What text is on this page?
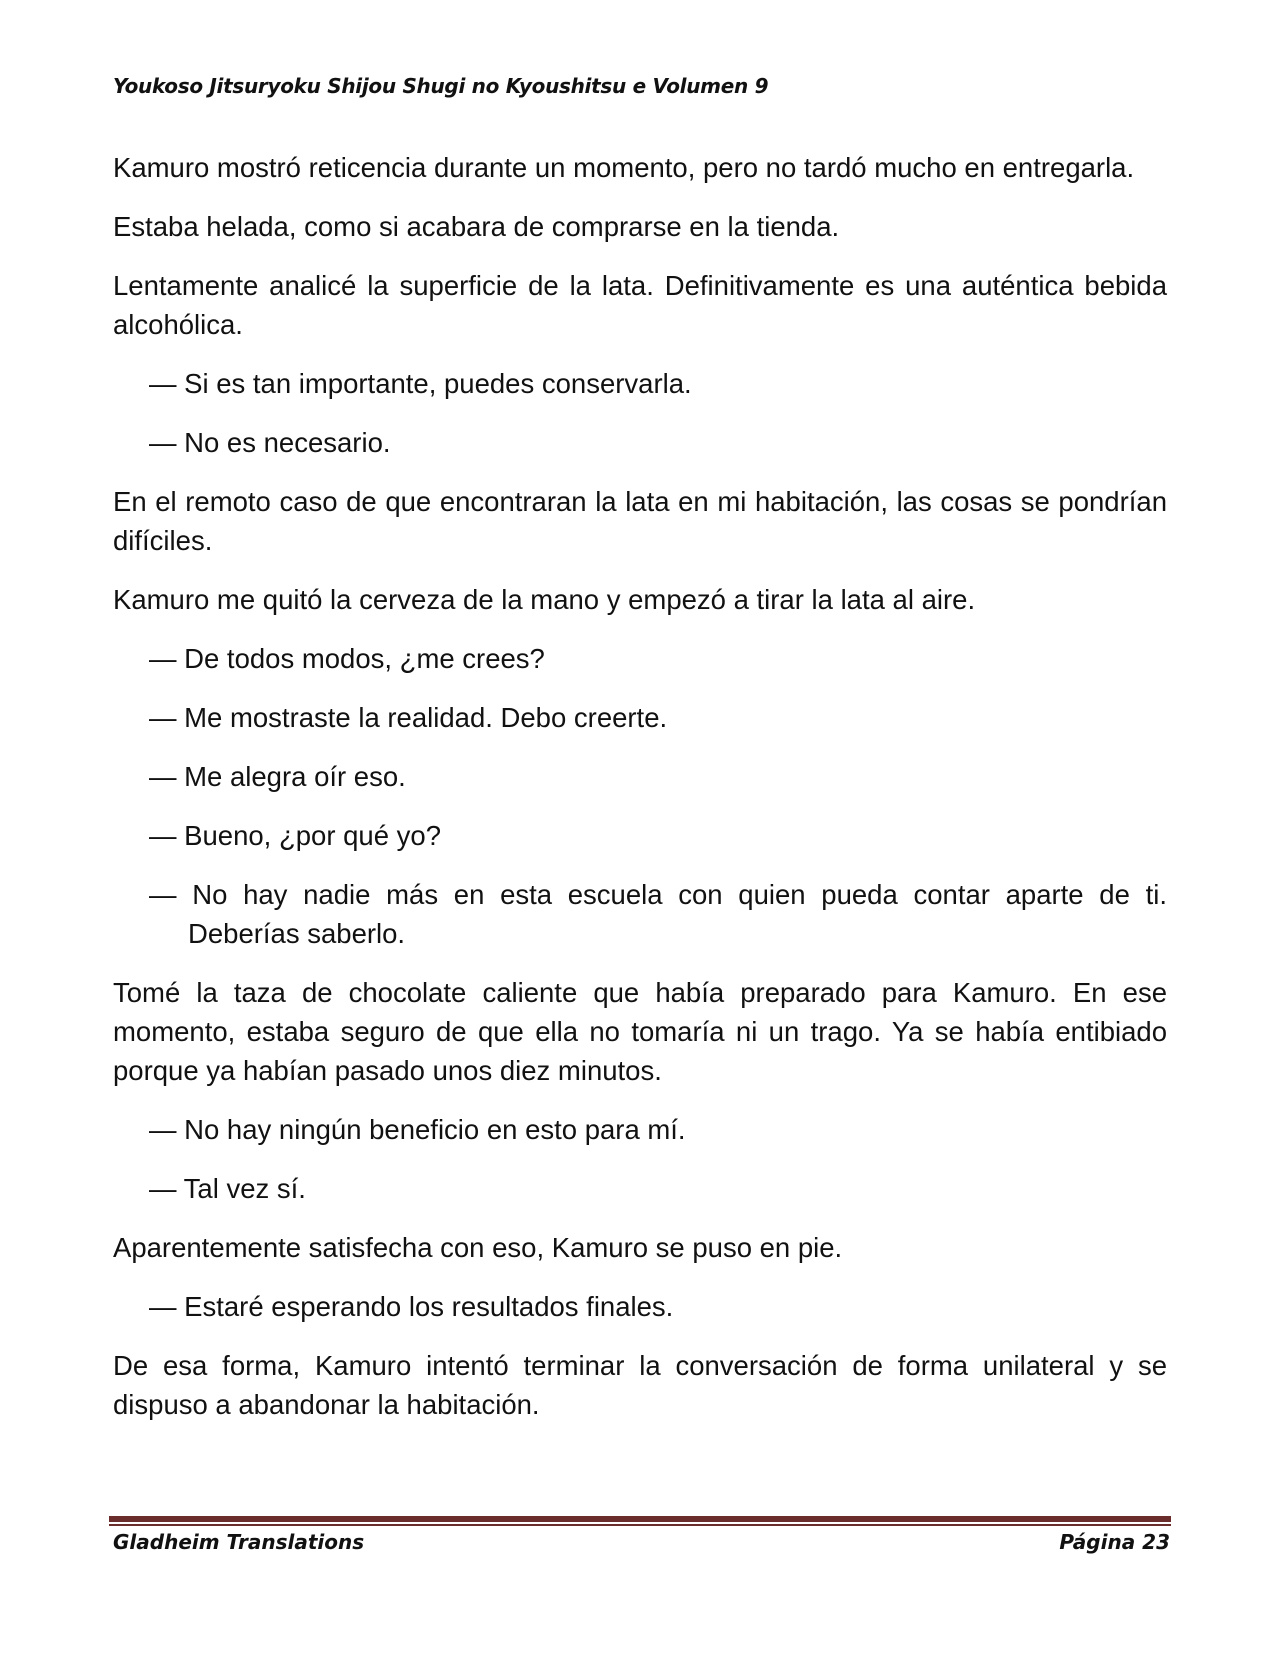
Youkoso Jitsuryoku Shijou Shugi no Kyoushitsu e Volumen 9

Kamuro mostró reticencia durante un momento, pero no tardó mucho en entregarla.

Estaba helada, como si acabara de comprarse en la tienda.

Lentamente analicé la superficie de la lata. Definitivamente es una auténtica bebida alcohólica.

— Si es tan importante, puedes conservarla.

— No es necesario.

En el remoto caso de que encontraran la lata en mi habitación, las cosas se pondrían difíciles.

Kamuro me quitó la cerveza de la mano y empezó a tirar la lata al aire.

— De todos modos, ¿me crees?

— Me mostraste la realidad. Debo creerte.

— Me alegra oír eso.

— Bueno, ¿por qué yo?

— No hay nadie más en esta escuela con quien pueda contar aparte de ti. Deberías saberlo.

Tomé la taza de chocolate caliente que había preparado para Kamuro. En ese momento, estaba seguro de que ella no tomaría ni un trago. Ya se había entibiado porque ya habían pasado unos diez minutos.

— No hay ningún beneficio en esto para mí.

— Tal vez sí.

Aparentemente satisfecha con eso, Kamuro se puso en pie.

— Estaré esperando los resultados finales.

De esa forma, Kamuro intentó terminar la conversación de forma unilateral y se dispuso a abandonar la habitación.

Gladheim Translations	Página 23
